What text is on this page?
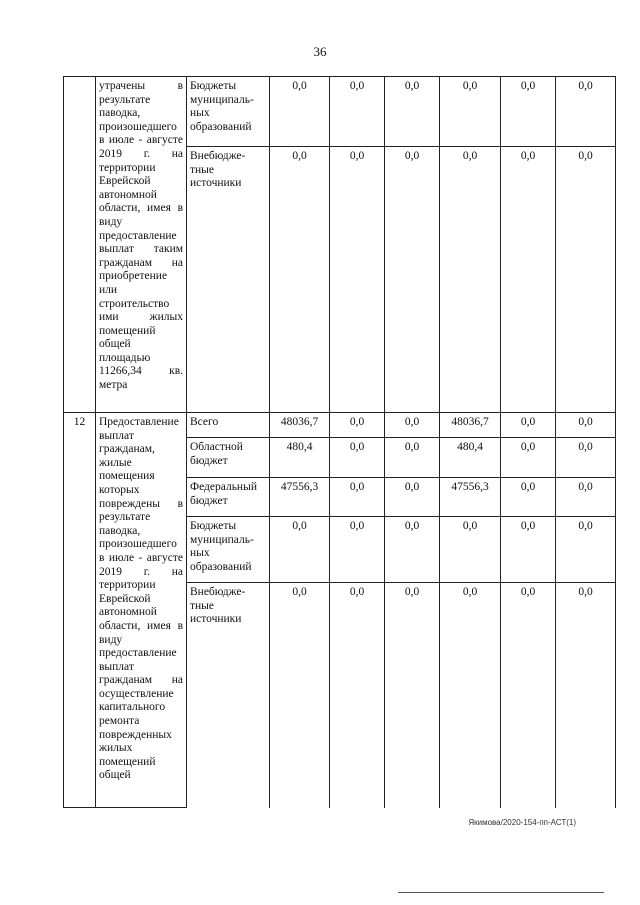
36
	утрачены в результате паводка, произошедшего в июле - августе 2019 г. на территории Еврейской автономной области, имея в виду предоставление выплат таким гражданам на приобретение или строительство ими жилых помещений общей площадью 11266,34 кв. метра	Бюджеты муниципаль-ных образований	0,0	0,0	0,0	0,0	0,0	0,0
		Внебюдже-тные источники	0,0	0,0	0,0	0,0	0,0	0,0
12	Предоставление выплат гражданам, жилые помещения которых повреждены в результате паводка, произошедшего в июле - августе 2019 г. на территории Еврейской автономной области, имея в виду предоставление выплат гражданам на осуществление капитального ремонта поврежденных жилых помещений общей	Всего	48036,7	0,0	0,0	48036,7	0,0	0,0
		Областной бюджет	480,4	0,0	0,0	480,4	0,0	0,0
		Федеральный бюджет	47556,3	0,0	0,0	47556,3	0,0	0,0
		Бюджеты муниципаль-ных образований	0,0	0,0	0,0	0,0	0,0	0,0
		Внебюдже-тные источники	0,0	0,0	0,0	0,0	0,0	0,0
Якимова/2020-154-пп-АСТ(1)
